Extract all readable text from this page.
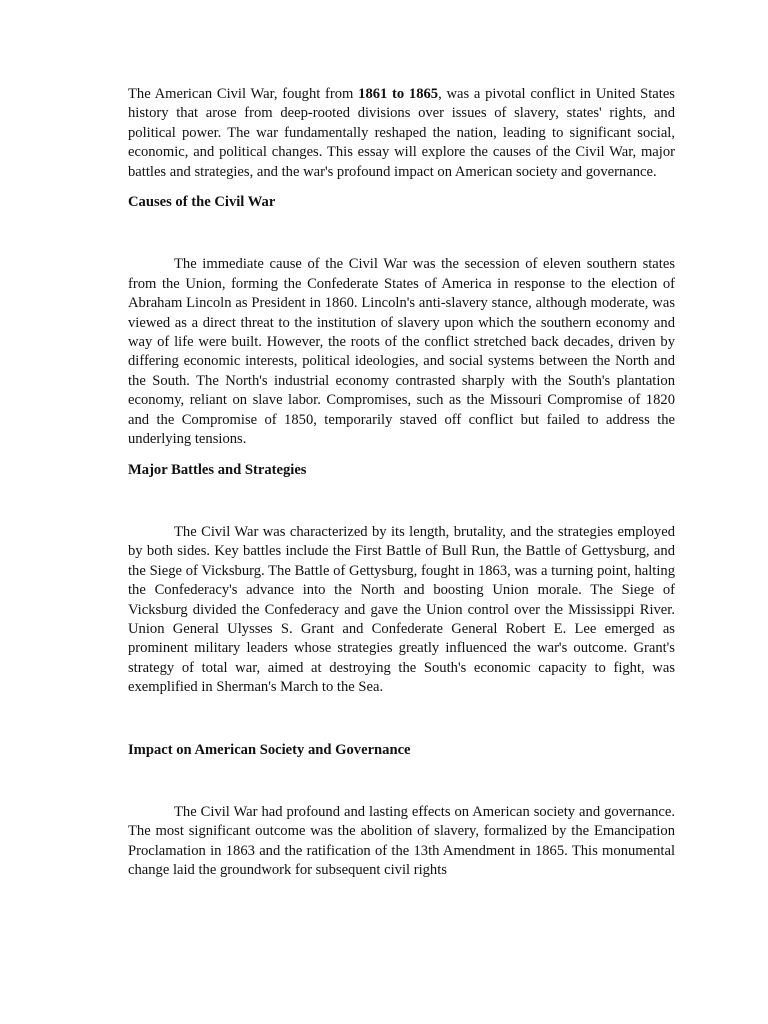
The American Civil War, fought from 1861 to 1865, was a pivotal conflict in United States history that arose from deep-rooted divisions over issues of slavery, states' rights, and political power. The war fundamentally reshaped the nation, leading to significant social, economic, and political changes. This essay will explore the causes of the Civil War, major battles and strategies, and the war's profound impact on American society and governance.

Causes of the Civil War

The immediate cause of the Civil War was the secession of eleven southern states from the Union, forming the Confederate States of America in response to the election of Abraham Lincoln as President in 1860. Lincoln's anti-slavery stance, although moderate, was viewed as a direct threat to the institution of slavery upon which the southern economy and way of life were built. However, the roots of the conflict stretched back decades, driven by differing economic interests, political ideologies, and social systems between the North and the South. The North's industrial economy contrasted sharply with the South's plantation economy, reliant on slave labor. Compromises, such as the Missouri Compromise of 1820 and the Compromise of 1850, temporarily staved off conflict but failed to address the underlying tensions.

Major Battles and Strategies

The Civil War was characterized by its length, brutality, and the strategies employed by both sides. Key battles include the First Battle of Bull Run, the Battle of Gettysburg, and the Siege of Vicksburg. The Battle of Gettysburg, fought in 1863, was a turning point, halting the Confederacy's advance into the North and boosting Union morale. The Siege of Vicksburg divided the Confederacy and gave the Union control over the Mississippi River. Union General Ulysses S. Grant and Confederate General Robert E. Lee emerged as prominent military leaders whose strategies greatly influenced the war's outcome. Grant's strategy of total war, aimed at destroying the South's economic capacity to fight, was exemplified in Sherman's March to the Sea.

Impact on American Society and Governance

The Civil War had profound and lasting effects on American society and governance. The most significant outcome was the abolition of slavery, formalized by the Emancipation Proclamation in 1863 and the ratification of the 13th Amendment in 1865. This monumental change laid the groundwork for subsequent civil rights
